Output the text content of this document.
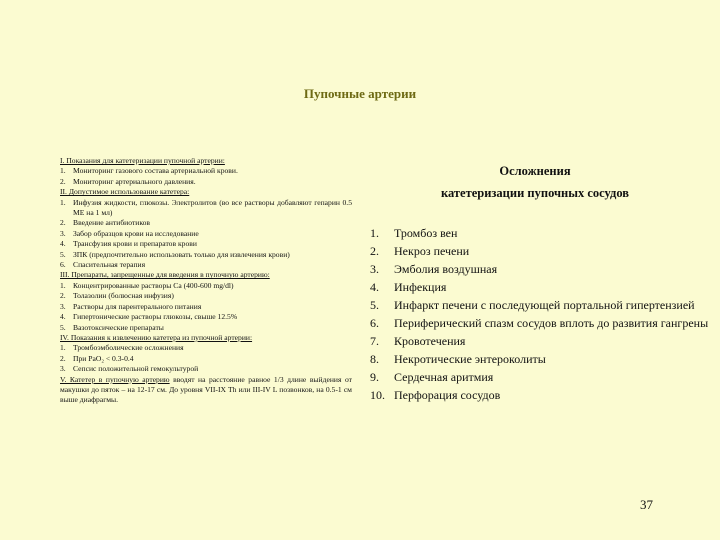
Пупочные артерии
I. Показания для катетеризации пупочной артерии:
1. Мониторинг газового состава артериальной крови.
2. Мониторинг артериального давления.
II. Допустимое использование катетера:
1. Инфузия жидкости, глюкозы. Электролитов (во все растворы добавляют гепарин 0.5 МЕ на 1 мл)
2. Введение антибиотиков
3. Забор образцов крови на исследование
4. Трансфузия крови и препаратов крови
5. ЗПК (предпочтительно использовать только для извлечения крови)
6. Спасительная терапия
III. Препараты, запрещенные для введения в пупочную артерию:
1. Концентрированные растворы Са (400-600 mg/dl)
2. Толазолин (болюсная инфузия)
3. Растворы для парентерального питания
4. Гипертонические растворы глюкозы, свыше 12.5%
5. Вазотоксические препараты
IV. Показания к извлечению катетера из пупочной артерии:
1. Тромбоэмболические осложнения
2. При РaО₂ < 0.3-0.4
3. Сепсис положительной гемокультурой
V. Катетер в пупочную артерию вводят на расстояние равное 1/3 длине выйдения от макушки до пяток – на 12-17 см. До уровня VII-IX Th или III-IV L позвонков, на 0.5-1 см выше диафрагмы.
Осложнения
катетеризации пупочных сосудов
1.	Тромбоз вен
2.	Некроз печени
3.	Эмболия воздушная
4.	Инфекция
5.	Инфаркт печени с последующей портальной гипертензией
6.	Периферический спазм сосудов вплоть до развития гангрены
7.	Кровотечения
8.	Некротические энтероколиты
9.	Сердечная аритмия
10. Перфорация сосудов
37
